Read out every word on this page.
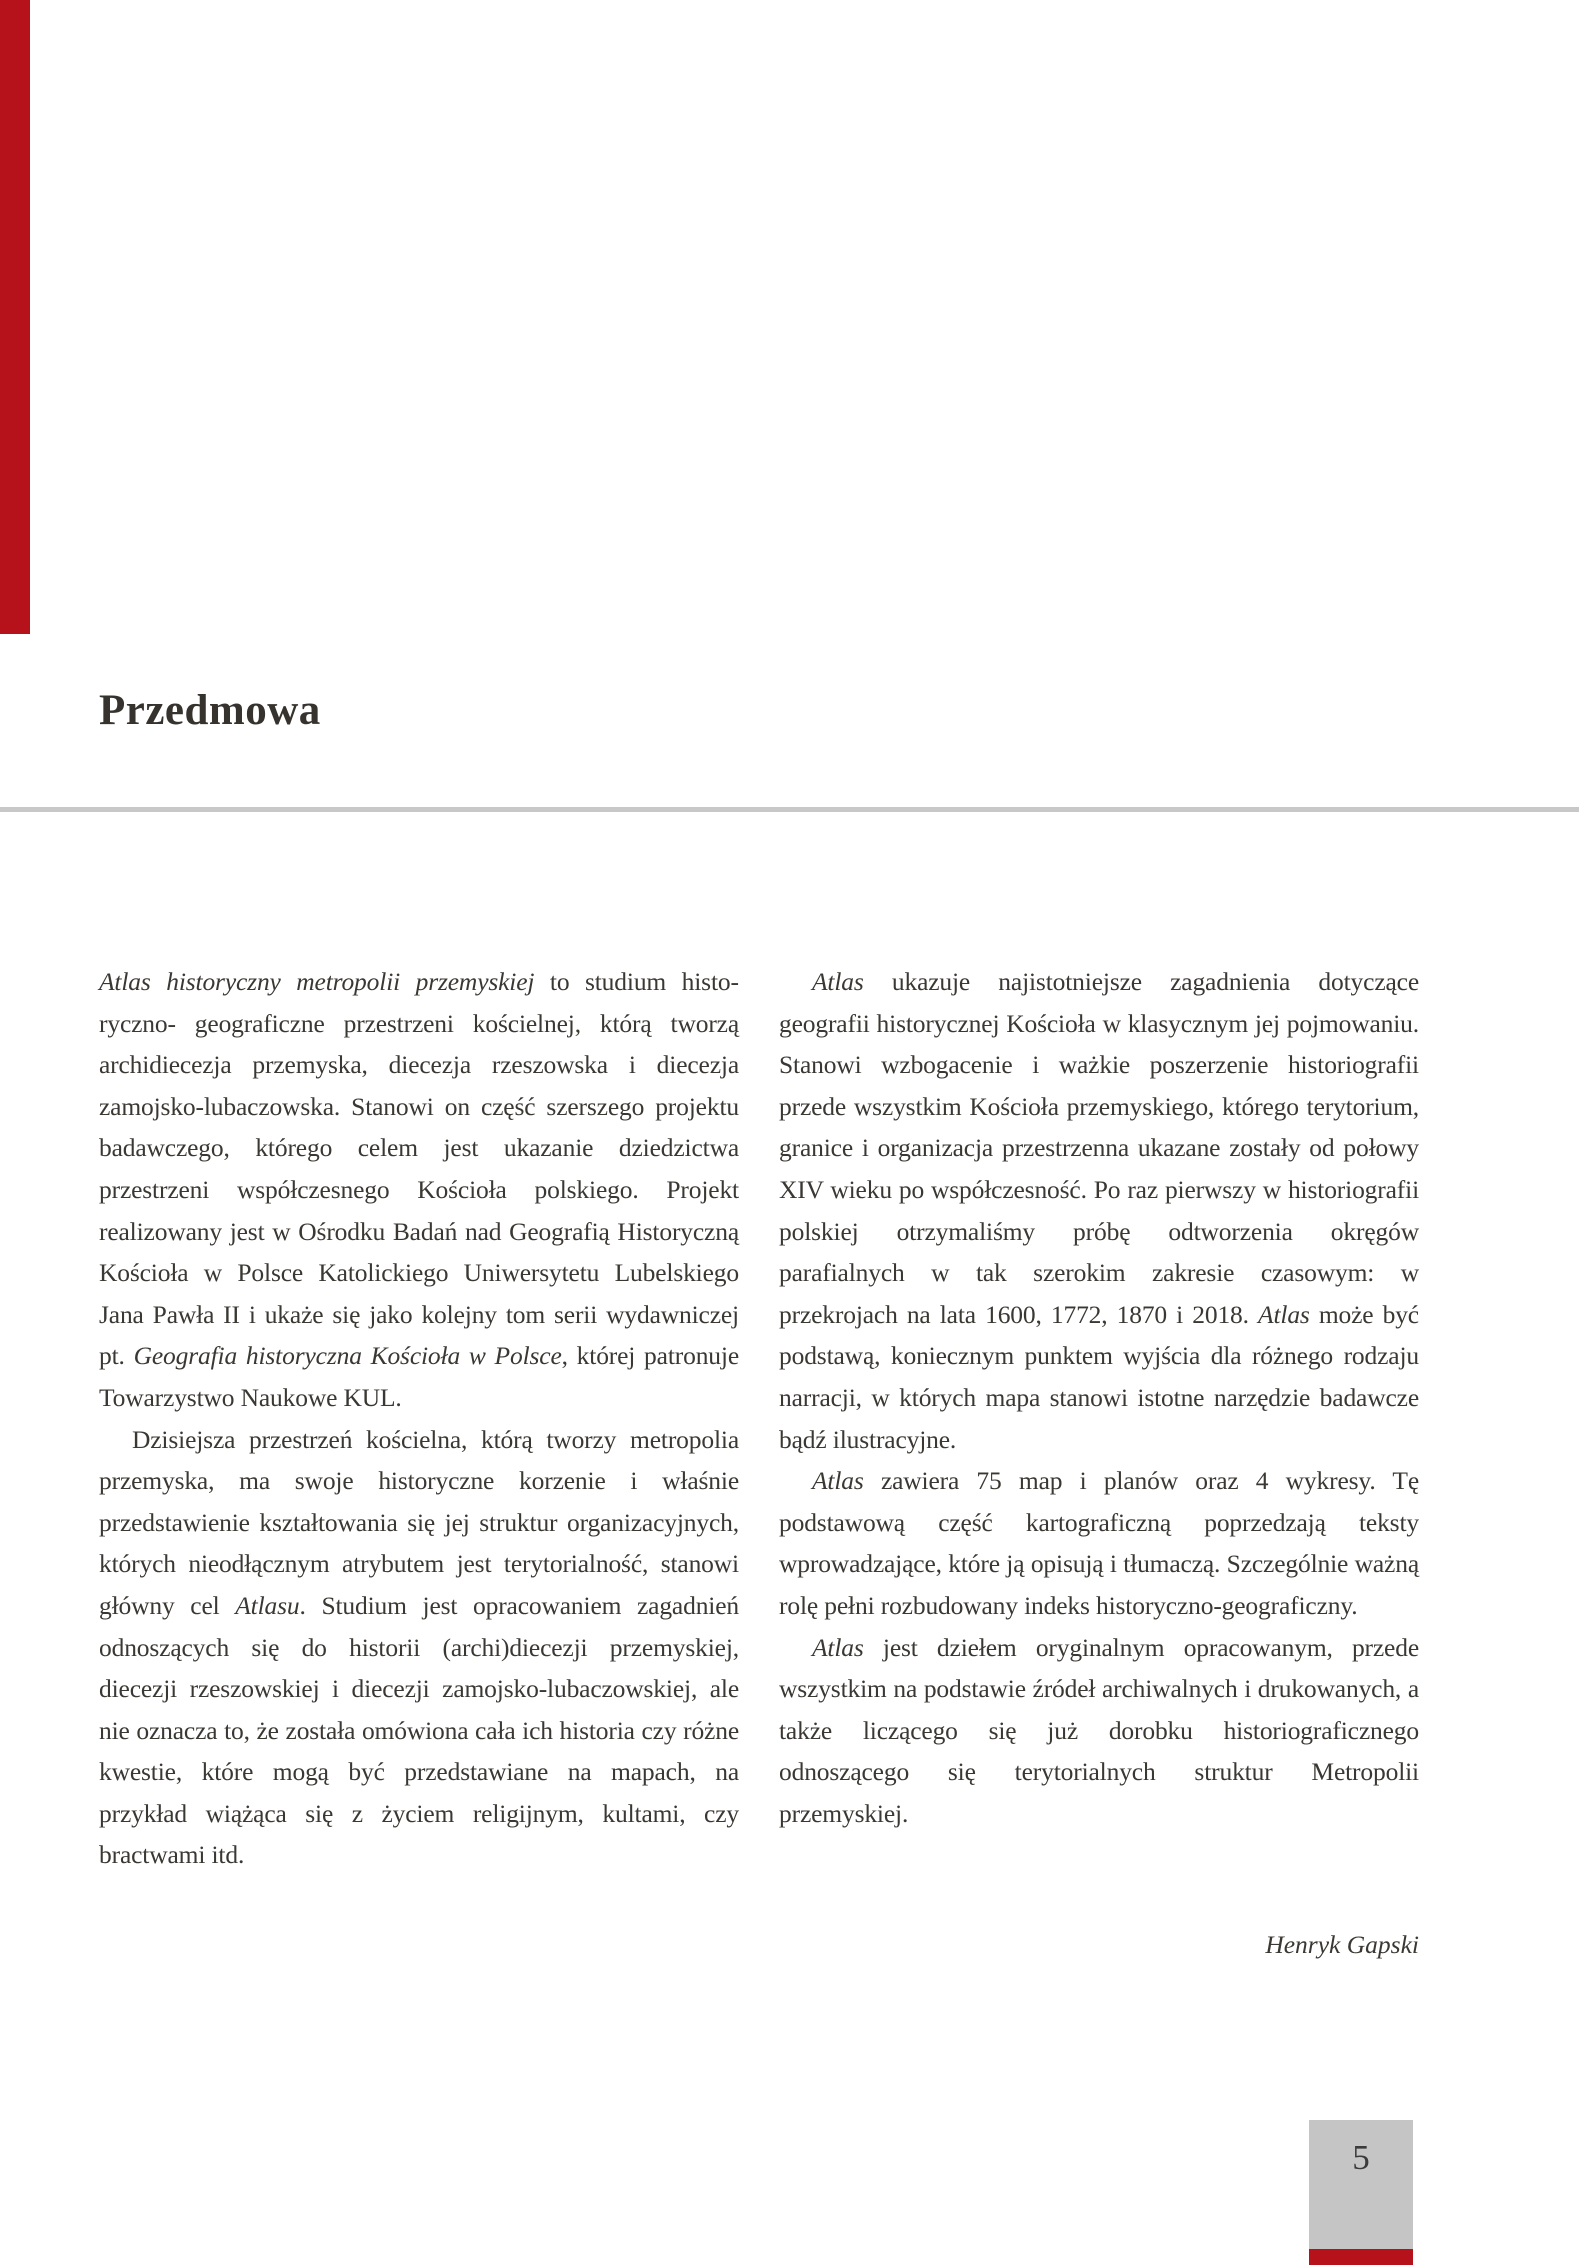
Przedmowa

Atlas historyczny metropolii przemyskiej to studium historyczno- geograficzne przestrzeni kościelnej, którą tworzą archidiecezja przemyska, diecezja rzeszowska i diecezja zamojsko-lubaczowska. Stanowi on część szerszego projektu badawczego, którego celem jest ukazanie dziedzictwa przestrzeni współczesnego Kościoła polskiego. Projekt realizowany jest w Ośrodku Badań nad Geografią Historyczną Kościoła w Polsce Katolickiego Uniwersytetu Lubelskiego Jana Pawła II i ukaże się jako kolejny tom serii wydawniczej pt. Geografia historyczna Kościoła w Polsce, której patronuje Towarzystwo Naukowe KUL.

Dzisiejsza przestrzeń kościelna, którą tworzy metropolia przemyska, ma swoje historyczne korzenie i właśnie przedstawienie kształtowania się jej struktur organizacyjnych, których nieodłącznym atrybutem jest terytorialność, stanowi główny cel Atlasu. Studium jest opracowaniem zagadnień odnoszących się do historii (archi)diecezji przemyskiej, diecezji rzeszowskiej i diecezji zamojsko-lubaczowskiej, ale nie oznacza to, że została omówiona cała ich historia czy różne kwestie, które mogą być przedstawiane na mapach, na przykład wiążąca się z życiem religijnym, kultami, czy bractwami itd.

Atlas ukazuje najistotniejsze zagadnienia dotyczące geografii historycznej Kościoła w klasycznym jej pojmowaniu. Stanowi wzbogacenie i ważkie poszerzenie historiografii przede wszystkim Kościoła przemyskiego, którego terytorium, granice i organizacja przestrzenna ukazane zostały od połowy XIV wieku po współczesność. Po raz pierwszy w historiografii polskiej otrzymaliśmy próbę odtworzenia okręgów parafialnych w tak szerokim zakresie czasowym: w przekrojach na lata 1600, 1772, 1870 i 2018. Atlas może być podstawą, koniecznym punktem wyjścia dla różnego rodzaju narracji, w których mapa stanowi istotne narzędzie badawcze bądź ilustracyjne.

Atlas zawiera 75 map i planów oraz 4 wykresy. Tę podstawową część kartograficzną poprzedzają teksty wprowadzające, które ją opisują i tłumaczą. Szczególnie ważną rolę pełni rozbudowany indeks historyczno-geograficzny.

Atlas jest dziełem oryginalnym opracowanym, przede wszystkim na podstawie źródeł archiwalnych i drukowanych, a także liczącego się już dorobku historiograficznego odnoszącego się terytorialnych struktur Metropolii przemyskiej.

Henryk Gapski
5
